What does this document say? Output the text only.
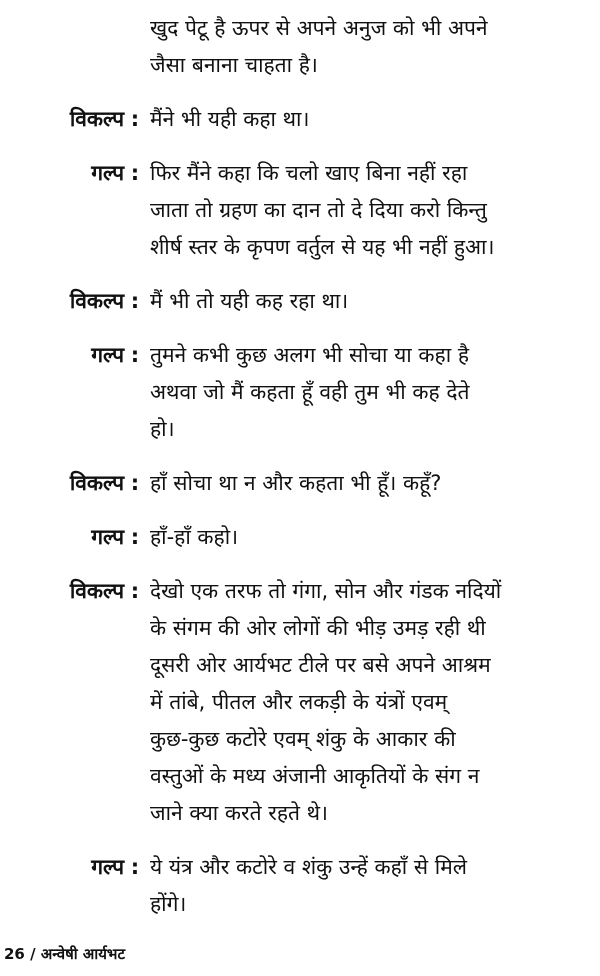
खुद पेटू है ऊपर से अपने अनुज को भी अपने
जैसा बनाना चाहता है।
विकल्प : मैंने भी यही कहा था।
गल्प : फिर मैंने कहा कि चलो खाए बिना नहीं रहा
जाता तो ग्रहण का दान तो दे दिया करो किन्तु
शीर्ष स्तर के कृपण वर्तुल से यह भी नहीं हुआ।
विकल्प : मैं भी तो यही कह रहा था।
गल्प : तुमने कभी कुछ अलग भी सोचा या कहा है
अथवा जो मैं कहता हूँ वही तुम भी कह देते
हो।
विकल्प : हाँ सोचा था न और कहता भी हूँ। कहूँ?
गल्प : हाँ-हाँ कहो।
विकल्प : देखो एक तरफ तो गंगा, सोन और गंडक नदियों
के संगम की ओर लोगों की भीड़ उमड़ रही थी
दूसरी ओर आर्यभट टीले पर बसे अपने आश्रम
में तांबे, पीतल और लकड़ी के यंत्रों एवम्
कुछ-कुछ कटोरे एवम् शंकु के आकार की
वस्तुओं के मध्य अंजानी आकृतियों के संग न
जाने क्या करते रहते थे।
गल्प : ये यंत्र और कटोरे व शंकु उन्हें कहाँ से मिले
होंगे।
26 / अन्वेषी आर्यभट
